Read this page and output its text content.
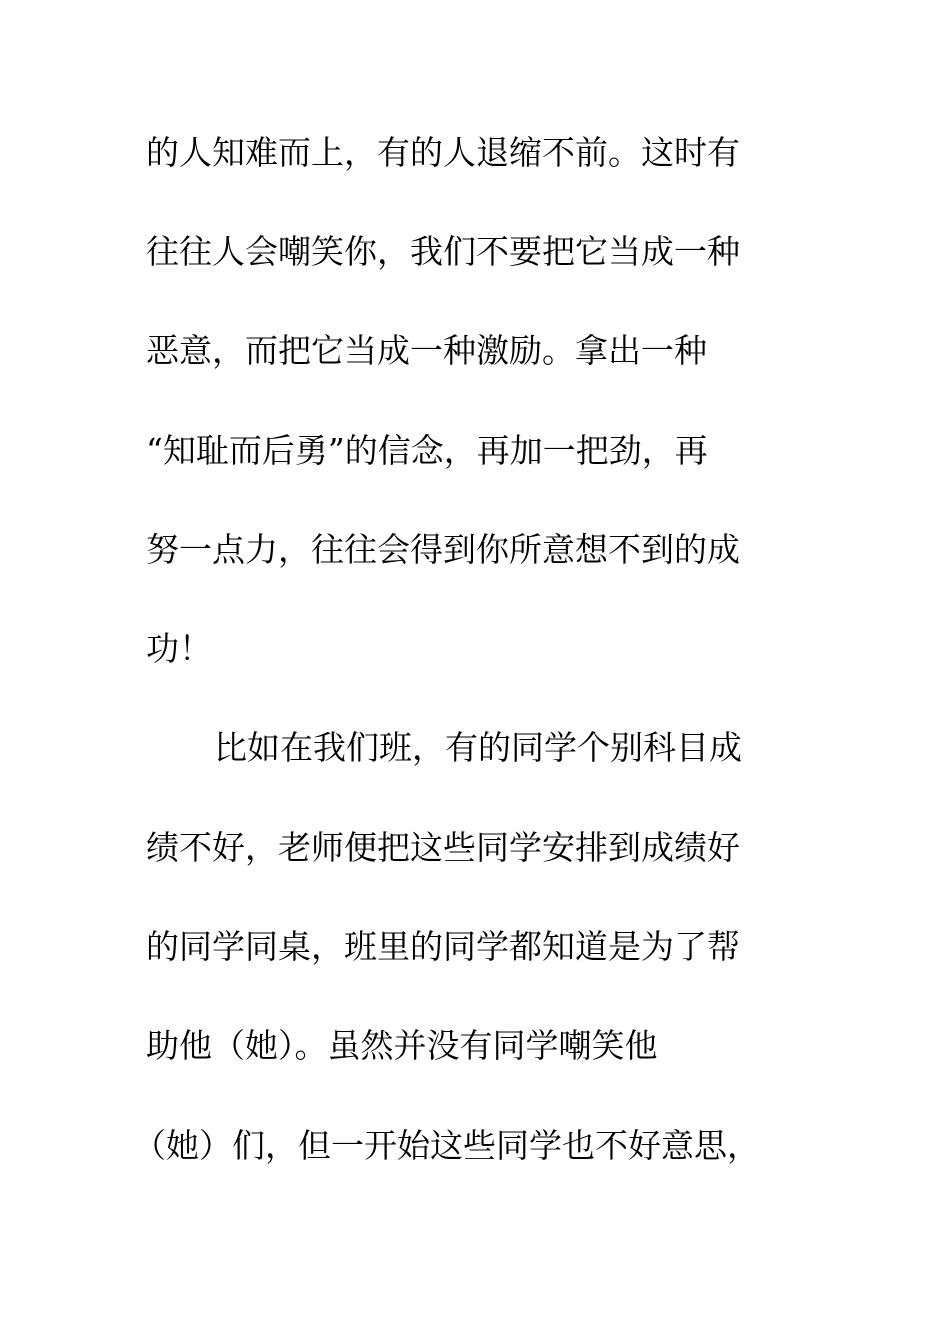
的人知难而上，有的人退缩不前。这时有
往往人会嘲笑你，我们不要把它当成一种
恶意，而把它当成一种激励。拿出一种
“知耻而后勇”的信念，再加一把劲，再
努一点力，往往会得到你所意想不到的成
功！
比如在我们班，有的同学个别科目成
绩不好，老师便把这些同学安排到成绩好
的同学同桌，班里的同学都知道是为了帮
助他（她）。虽然并没有同学嘲笑他
（她）们，但一开始这些同学也不好意思，
